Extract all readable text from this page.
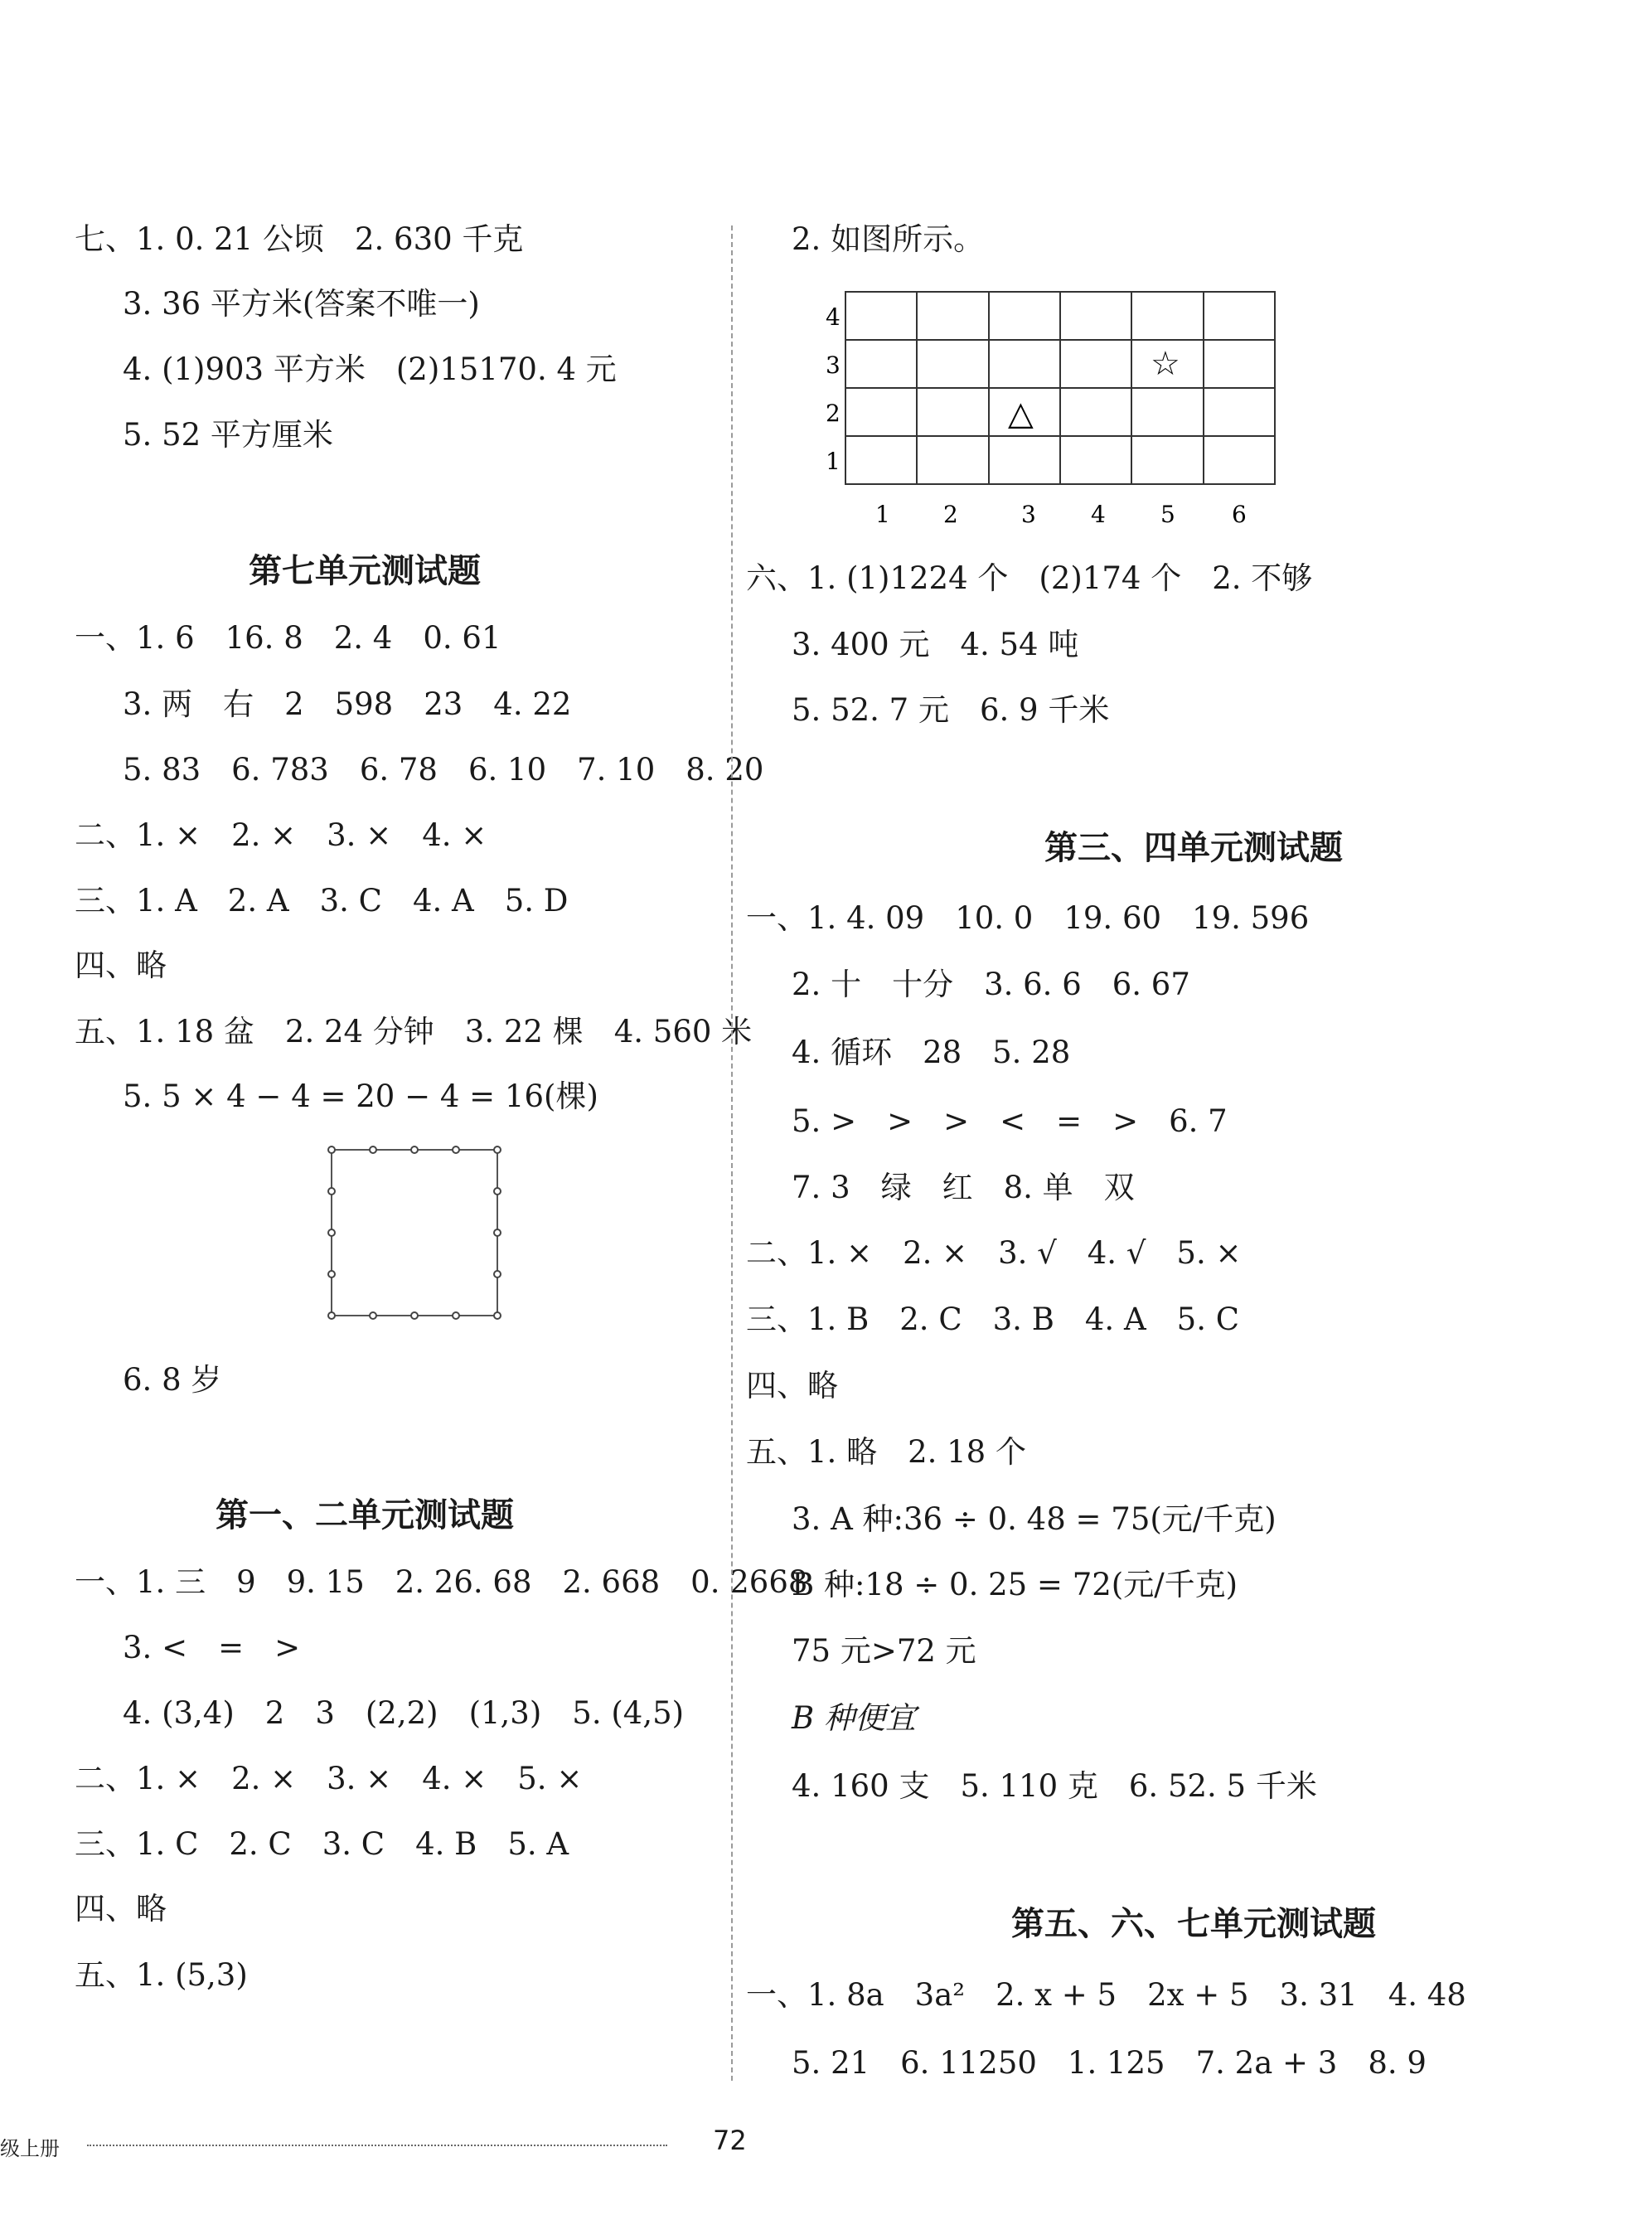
七、1. 0. 21 公顷　2. 630 千克
3. 36 平方米(答案不唯一)
4. (1)903 平方米　(2)15170. 4 元
5. 52 平方厘米
第七单元测试题
一、1. 6　16. 8　2. 4　0. 61
3. 两　右　2　598　23　4. 22
5. 83　6. 783　6. 78　6. 10　7. 10　8. 20
二、1. ×　2. ×　3. ×　4. ×
三、1. A　2. A　3. C　4. A　5. D
四、略
五、1. 18 盆　2. 24 分钟　3. 22 棵　4. 560 米
5. 5 × 4 − 4 = 20 − 4 = 16(棵)
6. 8 岁
第一、二单元测试题
一、1. 三　9　9. 15　2. 26. 68　2. 668　0. 2668
3. <　=　>
4. (3,4)　2　3　(2,2)　(1,3)　5. (4,5)
二、1. ×　2. ×　3. ×　4. ×　5. ×
三、1. C　2. C　3. C　4. B　5. A
四、略
五、1. (5,3)
2. 如图所示。
4
3
2
1
1 2	3 4 5 6
☆
△
六、1. (1)1224 个　(2)174 个　2. 不够
3. 400 元　4. 54 吨
5. 52. 7 元　6. 9 千米
第三、四单元测试题
一、1. 4. 09　10. 0　19. 60　19. 596
2. 十　十分　3. 6. 6　6. 67
4. 循环　28　5. 28
5. >　>　>　<　=　>　6. 7
7. 3　绿　红　8. 单　双
二、1. ×　2. ×　3. √　4. √　5. ×
三、1. B　2. C　3. B　4. A　5. C
四、略
五、1. 略　2. 18 个
3. A 种:36 ÷ 0. 48 = 75(元/千克)
B 种:18 ÷ 0. 25 = 72(元/千克)
75 元>72 元
B 种便宜
4. 160 支　5. 110 克　6. 52. 5 千米
第五、六、七单元测试题
一、1. 8a　3a²　2. x + 5　2x + 5　3. 31　4. 48
5. 21　6. 11250　1. 125　7. 2a + 3　8. 9
级上册	72
